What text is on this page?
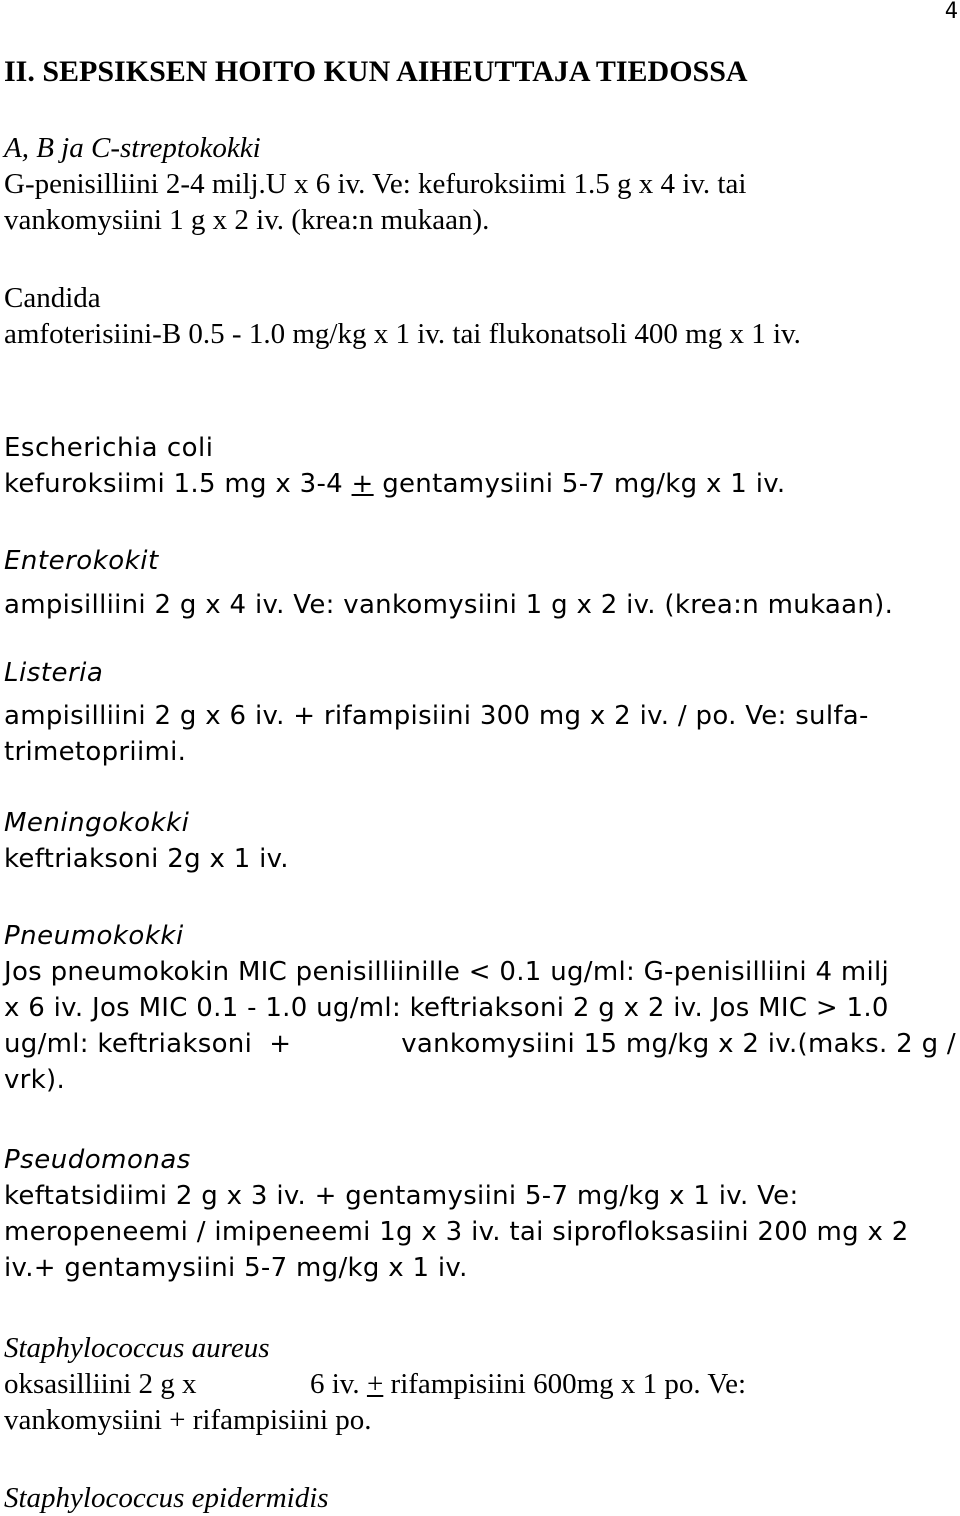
4
II. SEPSIKSEN HOITO KUN AIHEUTTAJA TIEDOSSA
A, B ja C-streptokokki
G-penisilliini 2-4 milj.U x 6 iv. Ve: kefuroksiimi 1.5 g x 4 iv. tai
vankomysiini 1 g x 2 iv. (krea:n mukaan).
Candida
amfoterisiini-B 0.5 - 1.0 mg/kg x 1 iv. tai flukonatsoli 400 mg x 1 iv.
Escherichia coli
kefuroksiimi 1.5 mg x 3-4 + gentamysiini 5-7 mg/kg x 1 iv.
Enterokokit
ampisilliini 2 g x 4 iv. Ve: vankomysiini 1 g x 2 iv. (krea:n mukaan).
Listeria
ampisilliini 2 g x 6 iv. + rifampisiini 300 mg x 2 iv. / po. Ve: sulfa-
trimetopriimi.
Meningokokki
keftriaksoni 2g x 1 iv.
Pneumokokki
Jos pneumokokin MIC penisilliinille < 0.1 ug/ml: G-penisilliini 4 milj
x 6 iv. Jos MIC 0.1 - 1.0 ug/ml: keftriaksoni 2 g x 2 iv. Jos MIC > 1.0
ug/ml: keftriaksoni  +	vankomysiini 15 mg/kg x 2 iv.(maks. 2 g /
vrk).
Pseudomonas
keftatsidiimi 2 g x 3 iv. + gentamysiini 5-7 mg/kg x 1 iv. Ve:
meropeneemi / imipeneemi 1g x 3 iv. tai siprofloksasiini 200 mg x 2
iv.+ gentamysiini 5-7 mg/kg x 1 iv.
Staphylococcus aureus
oksasilliini 2 g x	6 iv. + rifampisiini 600mg x 1 po. Ve:
vankomysiini + rifampisiini po.
Staphylococcus epidermidis
